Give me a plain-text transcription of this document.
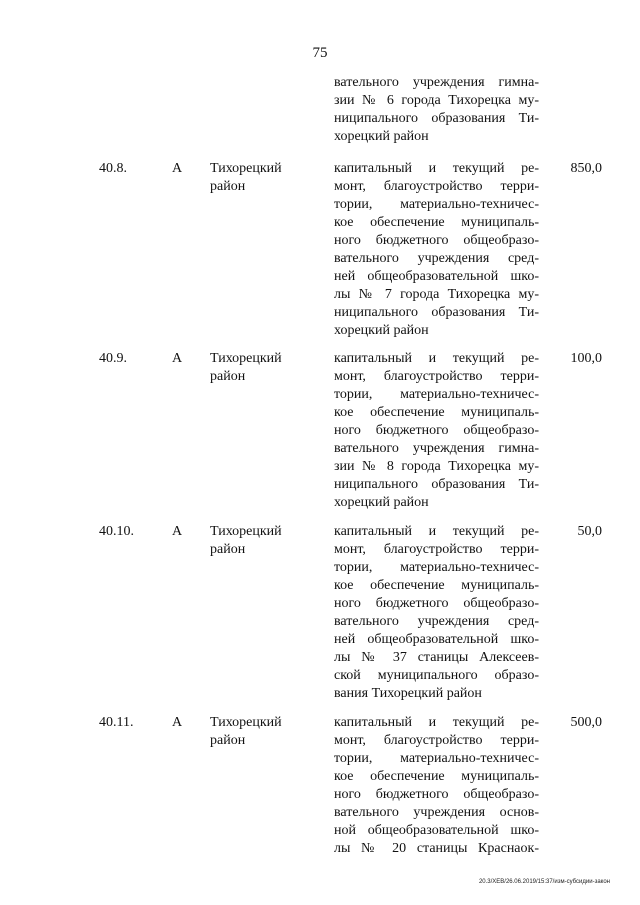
75
вательного учреждения гимна-
зии № 6 города Тихорецка му-
ниципального образования Ти-
хорецкий район
40.8.	А Тихорецкий
район
капитальный и текущий ре-
монт, благоустройство терри-
тории, материально-техничес-
кое обеспечение муниципаль-
ного бюджетного общеобразо-
вательного учреждения сред-
ней общеобразовательной шко-
лы № 7 города Тихорецка му-
ниципального образования Ти-
хорецкий район
850,0
40.9.	А Тихорецкий
район
капитальный и текущий ре-
монт, благоустройство терри-
тории, материально-техничес-
кое обеспечение муниципаль-
ного бюджетного общеобразо-
вательного учреждения гимна-
зии № 8 города Тихорецка му-
ниципального образования Ти-
хорецкий район
100,0
40.10.	А Тихорецкий
район
капитальный и текущий ре-
монт, благоустройство терри-
тории, материально-техничес-
кое обеспечение муниципаль-
ного бюджетного общеобразо-
вательного учреждения сред-
ней общеобразовательной шко-
лы № 37 станицы Алексеев-
ской муниципального образо-
вания Тихорецкий район
50,0
40.11.	А Тихорецкий
район
капитальный и текущий ре-
монт, благоустройство терри-
тории, материально-техничес-
кое обеспечение муниципаль-
ного бюджетного общеобразо-
вательного учреждения основ-
ной общеобразовательной шко-
лы № 20 станицы Краснаок-
500,0
20.3/ХЕВ/26.06.2019/15:37/изм-субсидии-закон
